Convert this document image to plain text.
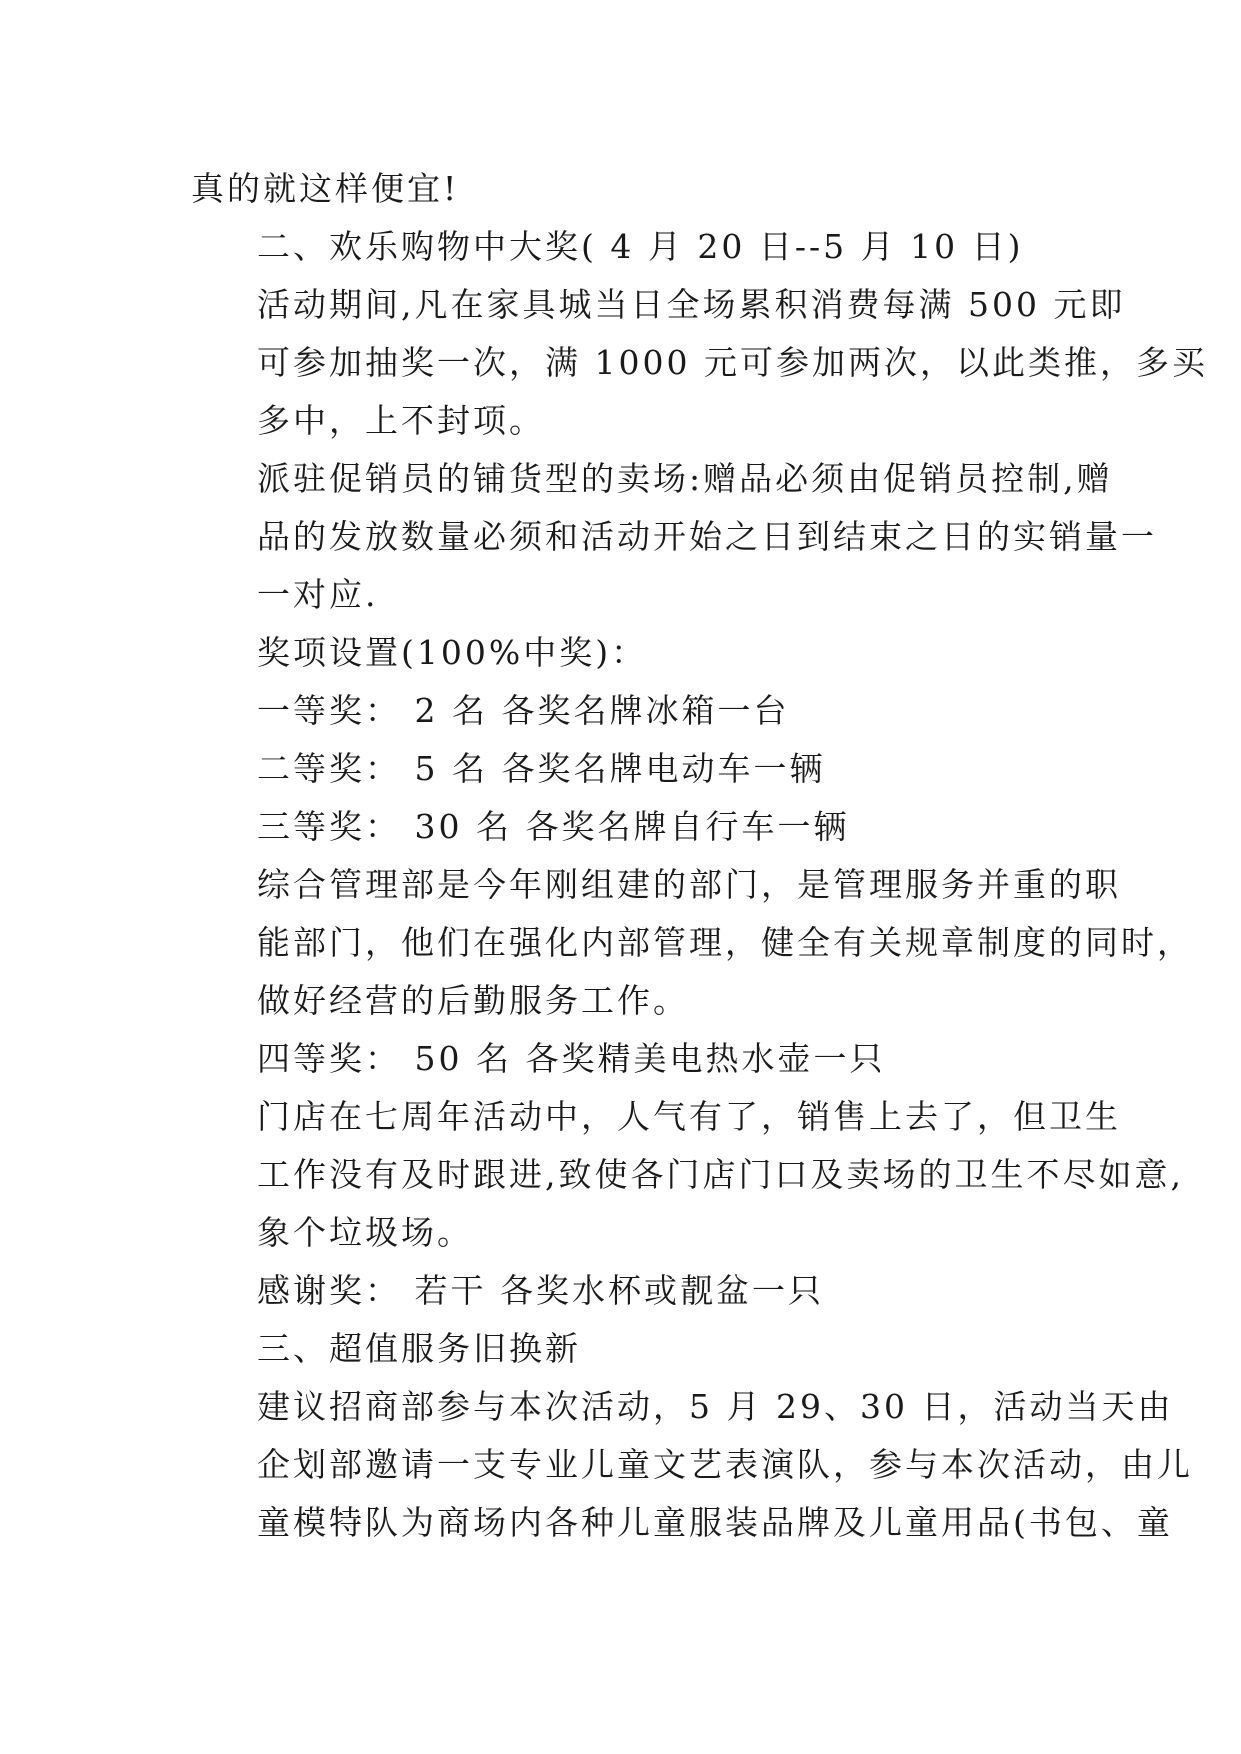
真的就这样便宜!

二、欢乐购物中大奖( 4 月 20 日--5 月 10 日)

活动期间,凡在家具城当日全场累积消费每满 500 元即
可参加抽奖一次，满 1000 元可参加两次，以此类推，多买
多中，上不封项。

派驻促销员的铺货型的卖场:赠品必须由促销员控制,赠
品的发放数量必须和活动开始之日到结束之日的实销量一
一对应.

奖项设置(100%中奖)：

一等奖： 2 名 各奖名牌冰箱一台

二等奖： 5 名 各奖名牌电动车一辆

三等奖： 30 名 各奖名牌自行车一辆

综合管理部是今年刚组建的部门，是管理服务并重的职
能部门，他们在强化内部管理，健全有关规章制度的同时，
做好经营的后勤服务工作。

四等奖： 50 名 各奖精美电热水壶一只

门店在七周年活动中，人气有了，销售上去了，但卫生
工作没有及时跟进,致使各门店门口及卖场的卫生不尽如意,
象个垃圾场。

感谢奖： 若干 各奖水杯或靓盆一只

三、超值服务旧换新

建议招商部参与本次活动，5 月 29、30 日，活动当天由
企划部邀请一支专业儿童文艺表演队，参与本次活动，由儿
童模特队为商场内各种儿童服装品牌及儿童用品(书包、童
